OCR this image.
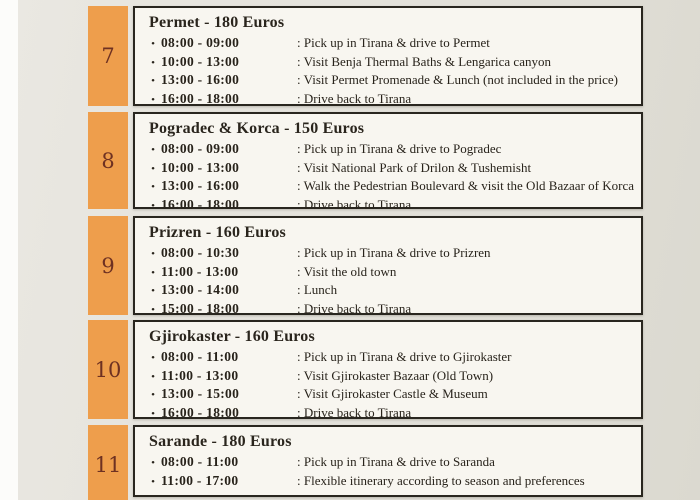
7
Permet - 180 Euros
• 08:00 - 09:00	: Pick up in Tirana & drive to Permet
• 10:00 - 13:00	: Visit Benja Thermal Baths & Lengarica canyon
• 13:00 - 16:00	: Visit Permet Promenade & Lunch (not included in the price)
• 16:00 - 18:00	: Drive back to Tirana
8
Pogradec & Korca - 150 Euros
• 08:00 - 09:00	: Pick up in Tirana & drive to Pogradec
• 10:00 - 13:00	: Visit National Park of Drilon & Tushemisht
• 13:00 - 16:00	: Walk the Pedestrian Boulevard & visit the Old Bazaar of Korca
• 16:00 - 18:00	: Drive back to Tirana
9
Prizren - 160 Euros
• 08:00 - 10:30	: Pick up in Tirana & drive to Prizren
• 11:00 - 13:00	: Visit the old town
• 13:00 - 14:00	: Lunch
• 15:00 - 18:00	: Drive back to Tirana
10
Gjirokaster - 160 Euros
• 08:00 - 11:00	: Pick up in Tirana & drive to Gjirokaster
• 11:00 - 13:00	: Visit Gjirokaster Bazaar (Old Town)
• 13:00 - 15:00	: Visit Gjirokaster Castle & Museum
• 16:00 - 18:00	: Drive back to Tirana
11
Sarande - 180 Euros
• 08:00 - 11:00	: Pick up in Tirana & drive to Saranda
• 11:00 - 17:00	: Flexible itinerary according to season and preferences
